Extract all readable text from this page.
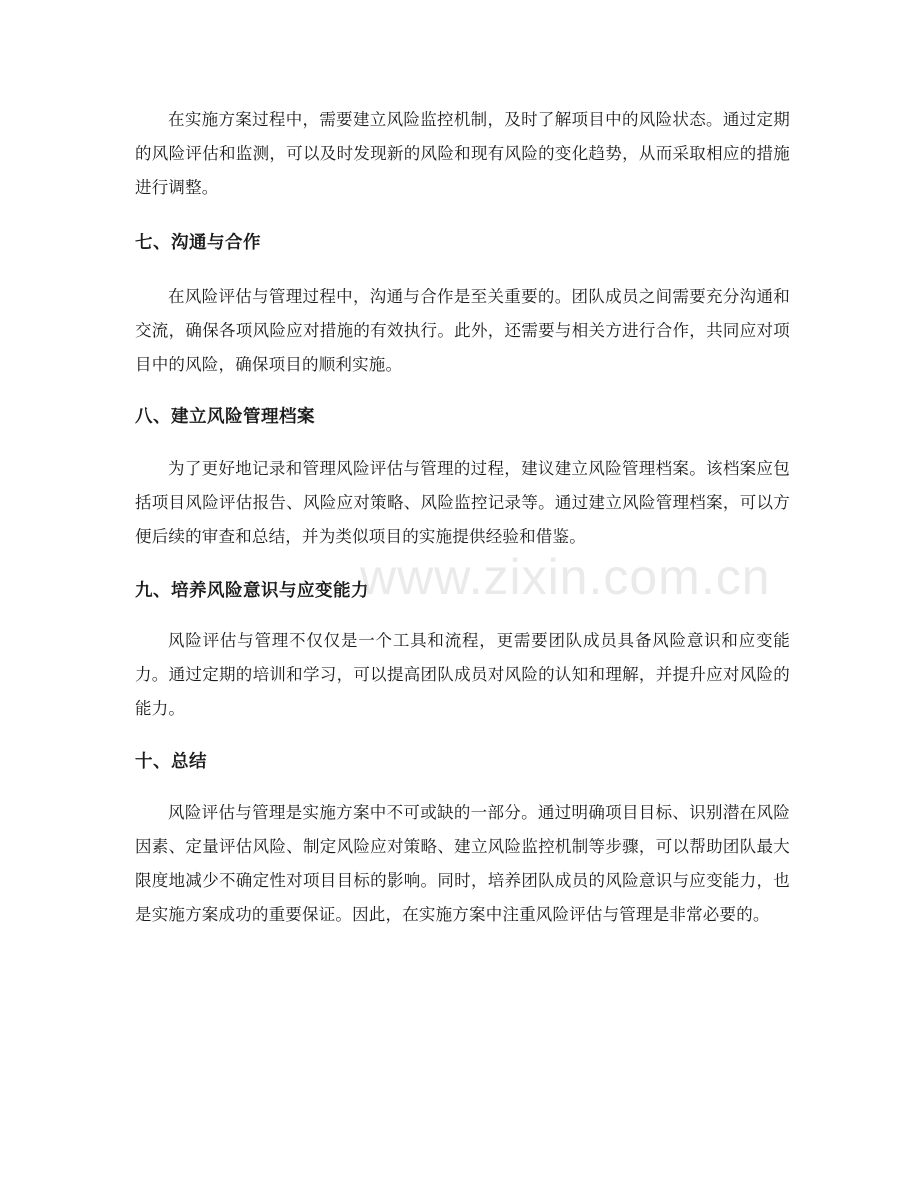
在实施方案过程中，需要建立风险监控机制，及时了解项目中的风险状态。通过定期的风险评估和监测，可以及时发现新的风险和现有风险的变化趋势，从而采取相应的措施进行调整。

七、沟通与合作

在风险评估与管理过程中，沟通与合作是至关重要的。团队成员之间需要充分沟通和交流，确保各项风险应对措施的有效执行。此外，还需要与相关方进行合作，共同应对项目中的风险，确保项目的顺利实施。

八、建立风险管理档案

为了更好地记录和管理风险评估与管理的过程，建议建立风险管理档案。该档案应包括项目风险评估报告、风险应对策略、风险监控记录等。通过建立风险管理档案，可以方便后续的审查和总结，并为类似项目的实施提供经验和借鉴。

九、培养风险意识与应变能力

风险评估与管理不仅仅是一个工具和流程，更需要团队成员具备风险意识和应变能力。通过定期的培训和学习，可以提高团队成员对风险的认知和理解，并提升应对风险的能力。

十、总结

风险评估与管理是实施方案中不可或缺的一部分。通过明确项目目标、识别潜在风险因素、定量评估风险、制定风险应对策略、建立风险监控机制等步骤，可以帮助团队最大限度地减少不确定性对项目目标的影响。同时，培养团队成员的风险意识与应变能力，也是实施方案成功的重要保证。因此，在实施方案中注重风险评估与管理是非常必要的。

www.zixin.com.cn
